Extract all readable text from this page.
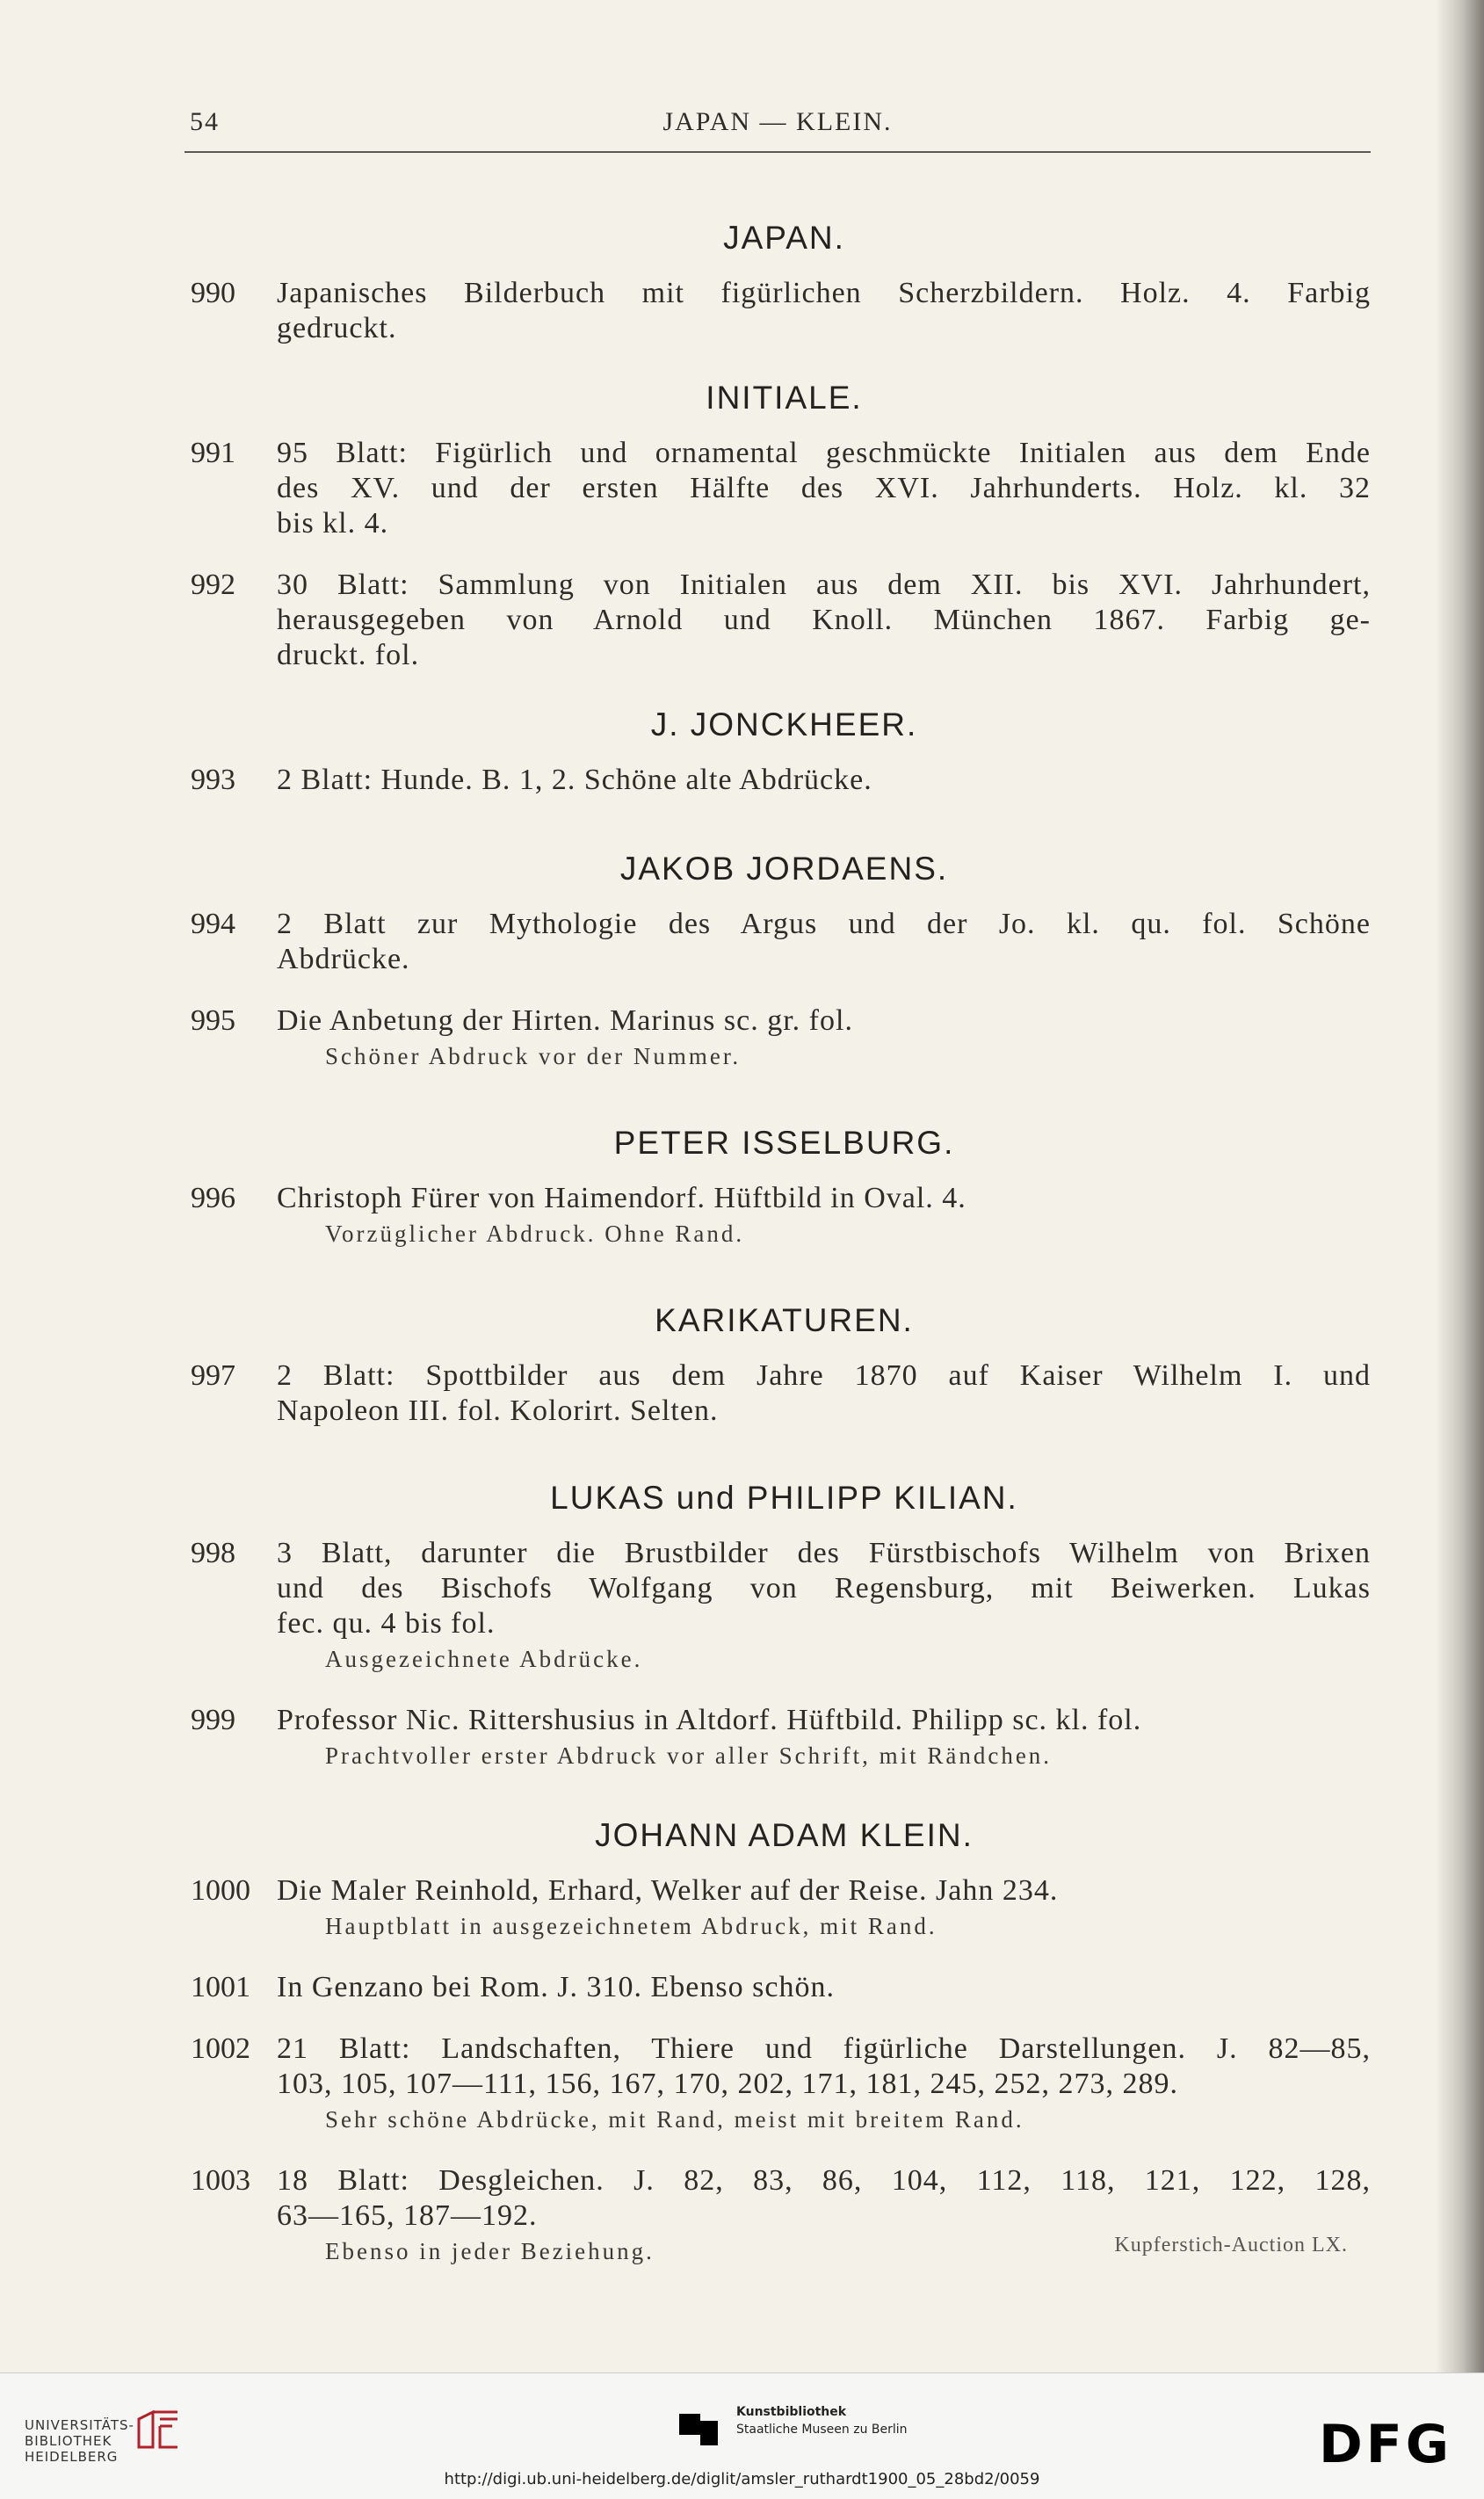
54	JAPAN — KLEIN.
JAPAN.
990	Japanisches Bilderbuch mit figürlichen Scherzbildern. Holz. 4. Farbig
gedruckt.
INITIALE.
991	95 Blatt: Figürlich und ornamental geschmückte Initialen aus dem Ende
des XV. und der ersten Hälfte des XVI. Jahrhunderts. Holz. kl. 32
bis kl. 4.
992	30 Blatt: Sammlung von Initialen aus dem XII. bis XVI. Jahrhundert,
herausgegeben von Arnold und Knoll. München 1867. Farbig ge-
druckt. fol.
J. JONCKHEER.
993	2 Blatt: Hunde. B. 1, 2. Schöne alte Abdrücke.
JAKOB JORDAENS.
994	2 Blatt zur Mythologie des Argus und der Jo. kl. qu. fol. Schöne
Abdrücke.
995	Die Anbetung der Hirten. Marinus sc. gr. fol.
Schöner Abdruck vor der Nummer.
PETER ISSELBURG.
996	Christoph Fürer von Haimendorf. Hüftbild in Oval. 4.
Vorzüglicher Abdruck. Ohne Rand.
KARIKATUREN.
997	2 Blatt: Spottbilder aus dem Jahre 1870 auf Kaiser Wilhelm I. und
Napoleon III. fol. Kolorirt. Selten.
LUKAS und PHILIPP KILIAN.
998	3 Blatt, darunter die Brustbilder des Fürstbischofs Wilhelm von Brixen
und des Bischofs Wolfgang von Regensburg, mit Beiwerken. Lukas
fec. qu. 4 bis fol.
Ausgezeichnete Abdrücke.
999	Professor Nic. Rittershusius in Altdorf. Hüftbild. Philipp sc. kl. fol.
Prachtvoller erster Abdruck vor aller Schrift, mit Rändchen.
JOHANN ADAM KLEIN.
1000 Die Maler Reinhold, Erhard, Welker auf der Reise. Jahn 234.
Hauptblatt in ausgezeichnetem Abdruck, mit Rand.
1001 In Genzano bei Rom. J. 310. Ebenso schön.
1002 21 Blatt: Landschaften, Thiere und figürliche Darstellungen. J. 82—85,
103, 105, 107—111, 156, 167, 170, 202, 171, 181, 245, 252, 273, 289.
Sehr schöne Abdrücke, mit Rand, meist mit breitem Rand.
1003 18 Blatt: Desgleichen. J. 82, 83, 86, 104, 112, 118, 121, 122, 128,
63—165, 187—192.
Ebenso in jeder Beziehung.	Kupferstich-Auction LX.
UNIVERSITÄTS-
BIBLIOTHEK
HEIDELBERG
Kunstbibliothek
Staatliche Museen zu Berlin	DFG
http://digi.ub.uni-heidelberg.de/diglit/amsler_ruthardt1900_05_28bd2/0059
